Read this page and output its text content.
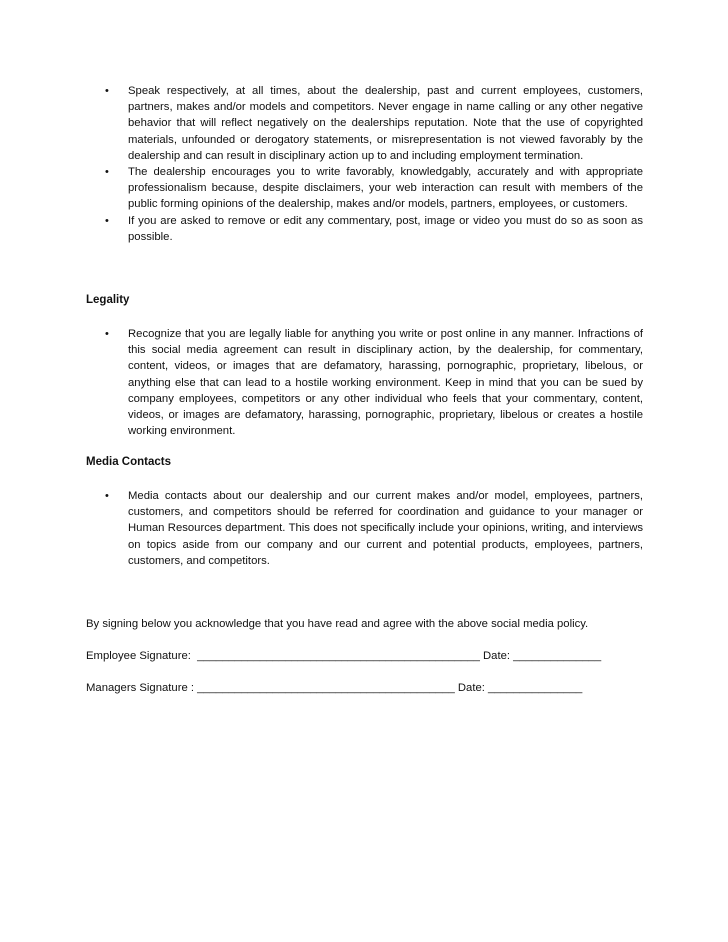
• Speak respectively, at all times, about the dealership, past and current employees, customers, partners, makes and/or models and competitors. Never engage in name calling or any other negative behavior that will reflect negatively on the dealerships reputation. Note that the use of copyrighted materials, unfounded or derogatory statements, or misrepresentation is not viewed favorably by the dealership and can result in disciplinary action up to and including employment termination.
• The dealership encourages you to write favorably, knowledgably, accurately and with appropriate professionalism because, despite disclaimers, your web interaction can result with members of the public forming opinions of the dealership, makes and/or models, partners, employees, or customers.
• If you are asked to remove or edit any commentary, post, image or video you must do so as soon as possible.
Legality
• Recognize that you are legally liable for anything you write or post online in any manner. Infractions of this social media agreement can result in disciplinary action, by the dealership, for commentary, content, videos, or images that are defamatory, harassing, pornographic, proprietary, libelous, or anything else that can lead to a hostile working environment. Keep in mind that you can be sued by company employees, competitors or any other individual who feels that your commentary, content, videos, or images are defamatory, harassing, pornographic, proprietary, libelous or creates a hostile working environment.
Media Contacts
• Media contacts about our dealership and our current makes and/or model, employees, partners, customers, and competitors should be referred for coordination and guidance to your manager or Human Resources department. This does not specifically include your opinions, writing, and interviews on topics aside from our company and our current and potential products, employees, partners, customers, and competitors.
By signing below you acknowledge that you have read and agree with the above social media policy.
Employee Signature:  _____________________________________________ Date: ______________
Managers Signature : _________________________________________ Date: _______________
